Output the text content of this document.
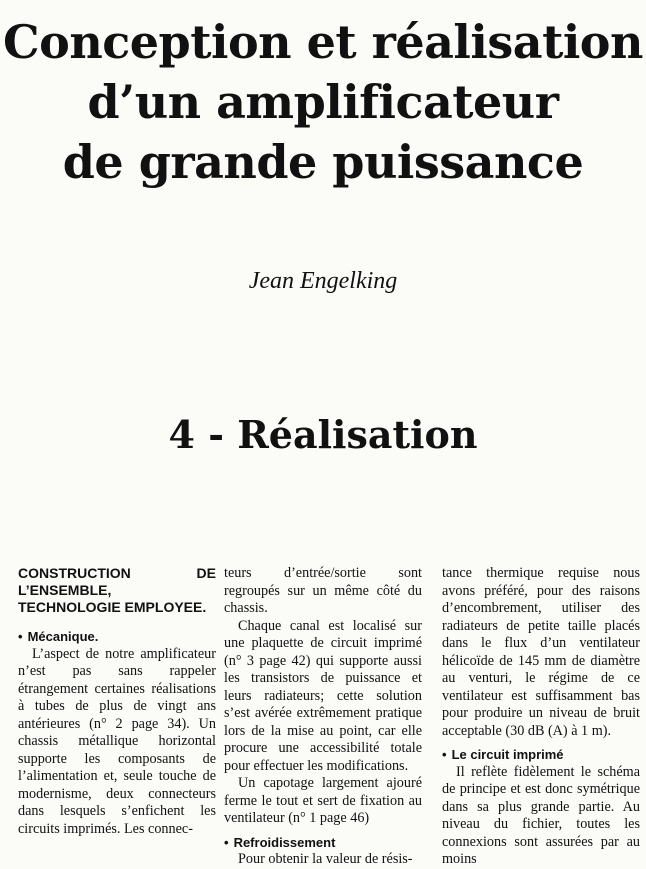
Conception et réalisation
d’un amplificateur
de grande puissance
Jean Engelking
4 - Réalisation
CONSTRUCTION DE L’ENSEMBLE, TECHNOLOGIE EMPLOYEE.
• Mécanique.

L’aspect de notre amplificateur n’est pas sans rappeler étrangement certaines réalisations à tubes de plus de vingt ans antérieures (n° 2 page 34). Un chassis métallique horizontal supporte les composants de l’alimentation et, seule touche de modernisme, deux connecteurs dans lesquels s’enfichent les circuits imprimés. Les connec-

teurs d’entrée/sortie sont regroupés sur un même côté du chassis.

Chaque canal est localisé sur une plaquette de circuit imprimé (n° 3 page 42) qui supporte aussi les transistors de puissance et leurs radiateurs; cette solution s’est avérée extrêmement pratique lors de la mise au point, car elle procure une accessibilité totale pour effectuer les modifications.

Un capotage largement ajouré ferme le tout et sert de fixation au ventilateur (n° 1 page 46)

• Refroidissement

Pour obtenir la valeur de résis-

tance thermique requise nous avons préféré, pour des raisons d’encombrement, utiliser des radiateurs de petite taille placés dans le flux d’un ventilateur hélicoïde de 145 mm de diamètre au venturi, le régime de ce ventilateur est suffisamment bas pour produire un niveau de bruit acceptable (30 dB (A) à 1 m).

• Le circuit imprimé

Il reflète fidèlement le schéma de principe et est donc symétrique dans sa plus grande partie. Au niveau du fichier, toutes les connexions sont assurées par au moins
